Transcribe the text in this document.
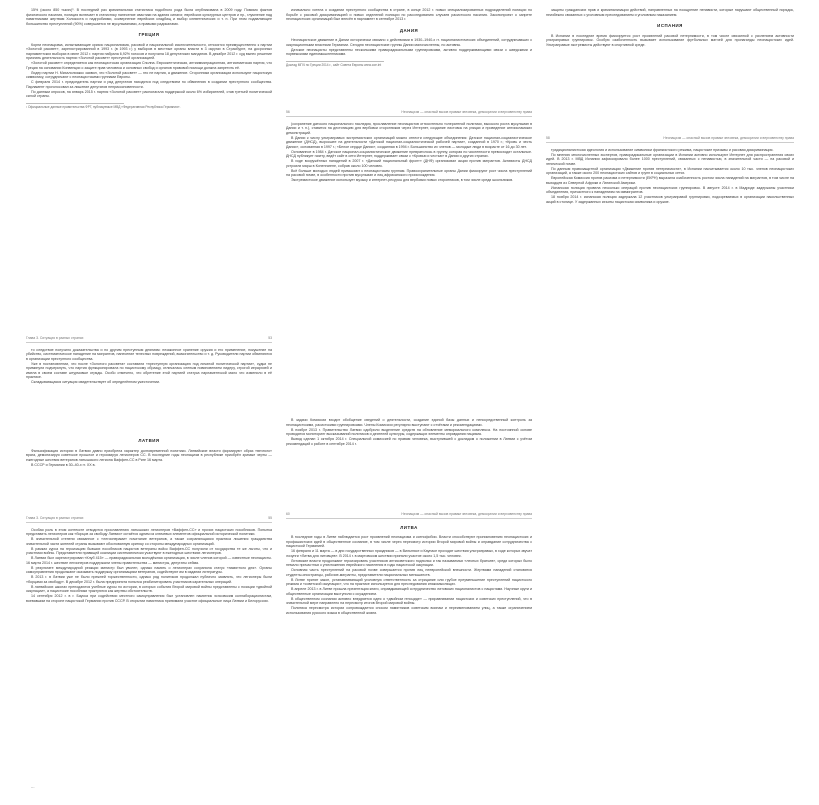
15% (около 850 тысяч)¹. В последний раз криминальная статистика подобного рода была опубликована в 2009 году. Помимо фактов физического насилия, полиция включает в статистику нанесение свастики на здания синагог, еврейских культурных центров и пр., глумление над памятниками жертвам Холокоста и надгробиями, осквернение еврейских кладбищ и выбор клеветнических и т. п. При этом подавляющее большинство преступлений (90%) совершается не мусульманами, а правыми радикалами.

ГРЕЦИЯ

Корни неонацизма, испытывающие кризис национализма, расовой и национальной исключительности, относятся преимущественно к партии «Золотой рассвет», зарегистрированной в 1993 г. (в 1993 г.) у выборов в местные органы власти в 3 округах в Страсбурге, на досрочных парламентских выборах в июне 2012 г. партия набрала 6,92% голосов и получила 18 депутатских мандатов. В декабре 2012 г. суд вынес решение признать деятельность партии «Золотой рассвет» преступной организацией.

«Золотой рассвет» определяется как неонацистская организация Сполна. Евроскептическая, антииммиграционная, антисемитская партия, что Греция на основании Конвенции о защите прав человека и основных свобод и органов правовой помощи должна запретить её.

Лидер партии Н. Михалолиакос заявил, что «Золотой рассвет» — это не партия, а движение. Сторонники организации используют нацистскую символику, сотрудничают с неонацистскими группами Европы.

С февраля 2014 г. председатель партии и ряд депутатов находятся под следствием по обвинению в создании преступного сообщества. Парламент проголосовал за лишение депутатов неприкосновенности.

По данным опросов, на январь 2015 г. партия «Золотой рассвет» располагала поддержкой около 6% избирателей, став третьей политической силой страны.

¹ Официальные данные правительства ФРГ, публикуемые МВД «Федеративная Республика Германия».
Глава 3. Ситуация в разных странах	53

то следствие получило доказательства и по другим преступным деяниям: незаконное хранение оружия и его применение, покушение на убийство, систематическое нападение на мигрантов, нанесение телесных повреждений, вымогательство и т. д. Руководители партии обвиняются в организации преступного сообщества.

Уже в постановлении, что после «Золотого рассвета» составили «преступную организацию под личиной политической партии», судьи не приминули подчеркнуть, что партия функционировала по нацистскому образцу, отличалась слепым повиновением лидеру, строгой иерархией и имела в своем составе штурмовые отряды. Особо отмечено, что обретение этой партией статуса парламентской мало что изменило в её практике.

Складывающаяся ситуация свидетельствует об определённом ужесточении.

ЛАТВИЯ

Фальсификация истории в Латвии давно приобрела характер долговременной политики. Латвийские власти формируют образ «вечного» врага, демонизируя советское прошлое и героизируя легионеров СС. В последние годы неонацизм в республике приобрёл зримые черты — ежегодные шествия ветеранов латышского легиона Ваффен-СС в Риге 16 марта.

В СССР и Германии в 30–40-х гг. ХХ в.

Глава 3. Ситуация в разных странах	55

Особая роль в этом контексте отводится прославлению латышских легионеров «Ваффен-СС» и прочих нацистских пособников. Попытка представить легионеров как «борцов за свободу Латвии» остаётся одним из ключевых элементов официальной исторической политики.

В значительной степени связанное с «легионерами» почитание ветеранов, а также сохраняющаяся практика лишения гражданства значительной части жителей страны вызывают обоснованную критику со стороны международных организаций.

В рамках курса на героизацию бывших пособников нацистов ветераны войск Ваффен-СС получили от государства те же льготы, что и участники войны. Представители правящей коалиции систематически участвуют в ежегодных шествиях легионеров.

В Латвии был зарегистрирован «Клуб 415» — праворадикальная молодёжная организация, в числе членов которой — известные неонацисты. 16 марта 2014 г. шествие легионеров поддержали члены правительства — министры, депутаты сейма.

В результате международной реакции министр был уволен, однако память о легионерах сохранила статус «памятного дня». Органы самоуправления продолжают оказывать поддержку организациям ветеранов, содействуют им в издании литературы.

В 2013 г. в Латвии уже не было прежней торжественности, однако ряд политиков продолжал публично заявлять, что легионеры были «борцами за свободу». В декабре 2012 г. была предпринята попытка реабилитировать участников карательных операций.

В латвийских школах преподаются учебные курсы по истории, в которых события Второй мировой войны представлены с позиции «двойной оккупации», а нацистские пособники трактуются как жертвы обстоятельств.

14 сентября 2012 г. в г. Бауска при содействии местного самоуправления был установлен памятник эсэсовским коллаборационистам, воевавшим на стороне нацистской Германии против СССР. В открытии памятника принимали участие официальные лица Латвии и Белоруссии.

···

изначально хотела о создании преступного сообщества в стране, в конце 2012 г. новых специализированных подразделений полиции по борьбе с расовой дискриминацией и новых отделений полиции по расследованию случаев расистского насилия. Законопроект о запрете неонацистских организаций был внесён в парламент в сентябре 2013 г.

ДАНИЯ

Неонацистское движение в Дании исторически связано с действиями в 1930–1940-х гг. националистических объединений, сотрудничавших с оккупационными властями Германии. Сегодня неонацистские группы Дании малочисленны, но активны.

Датские неонацисты представлены несколькими праворадикальными группировками, активно поддерживающими связи с шведскими и норвежскими единомышленниками.

Доклад МПЧ по Греции 2014 г., сайт Совета Европы www.coe.int
56	Неонацизм — опасный вызов правам человека, демократии и верховенству права

(сохранение датского национального наследия, прославление неонацистов относительно толерантной политики, высокого роста мусульман в Дании и т. п.), ставится на дестинацию для вербовки сторонников через Интернет, создание листовок на улицах и проведение антиисламских демонстраций.

В Дании к числу ультраправых экстремистских организаций можно отнести следующие объединения: Датское национал-социалистическое движение (ДНСД), выросшее на деятельности «Датской национал-социалистической рабочей партии», созданной в 1970 г.; «Кровь и честь Дании», основанная в 1997 г.; «Белое сердце Дании», созданная в 1994 г. Большинство их членов — молодые люди в возрасте от 16 до 30 лет.

Основанное в 1984 г. Датское национал-социалистическое движение превратилось в группу, которая по численности превосходит остальные. ДНСД публикует газету, ведёт сайт в сети Интернет, поддерживает связи с «Кровью и честью» в Дании и других странах.

В ходе вооружённых нападений в 2007 г. «Датский национальный фронт» (ДНФ) организовал акции против мигрантов. Активисты ДНСД устроили марш в Копенгагене, собрав около 100 человек.

Всё больше молодых людей примыкают к неонацистским группам. Правоохранительные органы Дании фиксируют рост числа преступлений на расовой почве, в особенности против мусульман и лиц африканского происхождения.

Экстремистское движение использует музыку и интернет-ресурсы для вербовки новых сторонников, в том числе среди школьников.

В задачи Комиссии входит обобщение сведений о деятельности, создание единой базы данных и непосредственный контроль за неонацистскими, расистскими группировками. Члены Комиссии регулярно выступают с отчётами и рекомендациями.

В ноябре 2013 г. Правительство Латвии одобрило выделение средств на обновление мемориального комплекса. На постоянной основе проводятся мониторинг высказываний политиков и деятелей культуры, содержащих элементы оправдания нацизма.

Вывод сделан 1 октября 2014 г. Специальной комиссией по правам человека, выступившей с докладом о положении в Латвии с учётом рекомендаций к работе в сентябре 2014 г.

60	Неонацизм — опасный вызов правам человека, демократии и верховенству права
ЛИТВА

В последние годы в Литве наблюдается рост проявлений неонацизма и ксенофобии. Власти способствуют проникновению неонацистских и профашистских идей в общественное сознание, в том числе через пересмотр истории Второй мировой войны и оправдание сотрудничества с нацистской Германией.

16 февраля и 11 марта — в дни государственных праздников — в Вильнюсе и Каунасе проходят шествия ультраправых, в ходе которых звучат лозунги «Литва для литовцев». В 2014 г. в мартовском шествии приняли участие около 1,5 тыс. человек.

Литовские власти продолжают героизировать участников антисоветского подполья и так называемых «лесных братьев», среди которых было немало причастных к уничтожению еврейского населения в годы нацистской оккупации.

Основная часть преступлений на расовой почве совершается против лиц неевропейской внешности. Жертвами нападений становятся студенты-иностранцы, рабочие-мигранты, представители национальных меньшинств.

В Литве принят закон, устанавливающий уголовную ответственность за отрицание или грубое преуменьшение преступлений нацистского режима и «советской оккупации», что на практике используется для преследования инакомыслящих.

В апреле 2013 г. в Литве прошла презентация книги, оправдывающей сотрудничество литовских националистов с нацистами. Научные круги и общественные организации выступили с осуждением.

В общественном сознании активно внедряется идея о «двойном геноциде» — приравнивании нацистских и советских преступлений, что в значительной мере направлено на пересмотр итогов Второй мировой войны.

Политика пересмотра истории сопровождается сносом памятников советским воинам и переименованием улиц, а также ограничением использования русского языка в общественной жизни.

защиты гражданских прав и криминализации действий, направленных на поощрение ненависти, которые нарушают общественный порядок, неизбежно связанных с уголовным преследованием и уголовным наказанием.

ИСПАНИЯ

В Испании в последние время фиксируется рост проявлений расовой нетерпимости, в том числе связанной с усилением активности ультраправых группировок. Особую озабоченность вызывает использование футбольных матчей для пропаганды неонацистских идей. Ультраправые экстремисты действуют в спортивной среде.

58	Неонацизм — опасный вызов правам человека, демократии и верховенству права

традиционалистская идеология и использование символики франкистского режима, нацистские призывы и расовая дискриминация.

По мнению многочисленных экспертов, праворадикальные организации в Испании активно используют Интернет для распространения своих идей. В 2013 г. МВД Испании зафиксировало более 1000 преступлений, связанных с ненавистью, в значительной части — на расовой и этнической почве.

По данным правозащитной организации «Движение против нетерпимости», в Испании насчитывается около 10 тыс. членов неонацистских организаций, а также около 200 неонацистских сайтов и групп в социальных сетях.

Европейская Комиссия против расизма и нетерпимости (ЕКРН) выразила озабоченность ростом числа нападений на мигрантов, в том числе на выходцев из Северной Африки и Латинской Америки.

Испанская полиция провела несколько операций против неонацистских группировок. В августе 2014 г. в Мадриде задержаны участники объединения, причастного к нападениям на иммигрантов.

18 ноября 2014 г. испанская полиция задержала 12 участников ультраправой группировки, подозреваемых в организации насильственных акций в столице. У задержанных изъяты нацистская символика и оружие.
